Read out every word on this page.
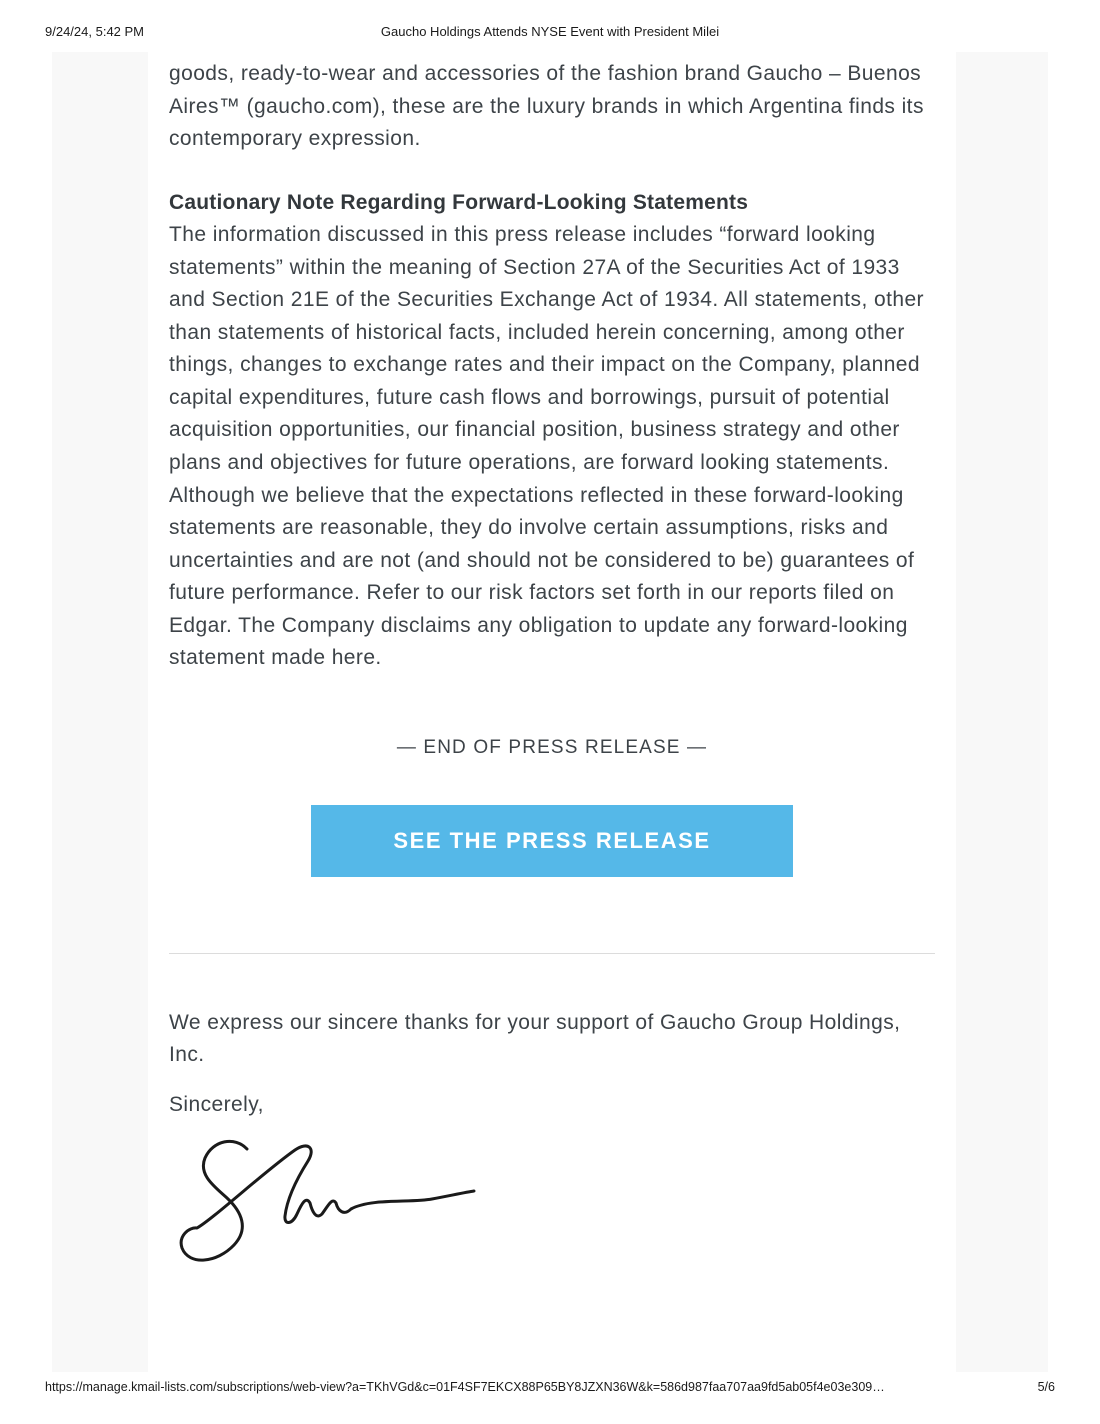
9/24/24, 5:42 PM	Gaucho Holdings Attends NYSE Event with President Milei

goods, ready-to-wear and accessories of the fashion brand Gaucho – Buenos Aires™ (gaucho.com), these are the luxury brands in which Argentina finds its contemporary expression.

Cautionary Note Regarding Forward-Looking Statements

The information discussed in this press release includes “forward looking statements” within the meaning of Section 27A of the Securities Act of 1933 and Section 21E of the Securities Exchange Act of 1934. All statements, other than statements of historical facts, included herein concerning, among other things, changes to exchange rates and their impact on the Company, planned capital expenditures, future cash flows and borrowings, pursuit of potential acquisition opportunities, our financial position, business strategy and other plans and objectives for future operations, are forward looking statements. Although we believe that the expectations reflected in these forward-looking statements are reasonable, they do involve certain assumptions, risks and uncertainties and are not (and should not be considered to be) guarantees of future performance. Refer to our risk factors set forth in our reports filed on Edgar. The Company disclaims any obligation to update any forward-looking statement made here.

— END OF PRESS RELEASE —
SEE THE PRESS RELEASE

We express our sincere thanks for your support of Gaucho Group Holdings, Inc.

Sincerely,

https://manage.kmail-lists.com/subscriptions/web-view?a=TKhVGd&c=01F4SF7EKCX88P65BY8JZXN36W&k=586d987faa707aa9fd5ab05f4e03e309…	5/6
